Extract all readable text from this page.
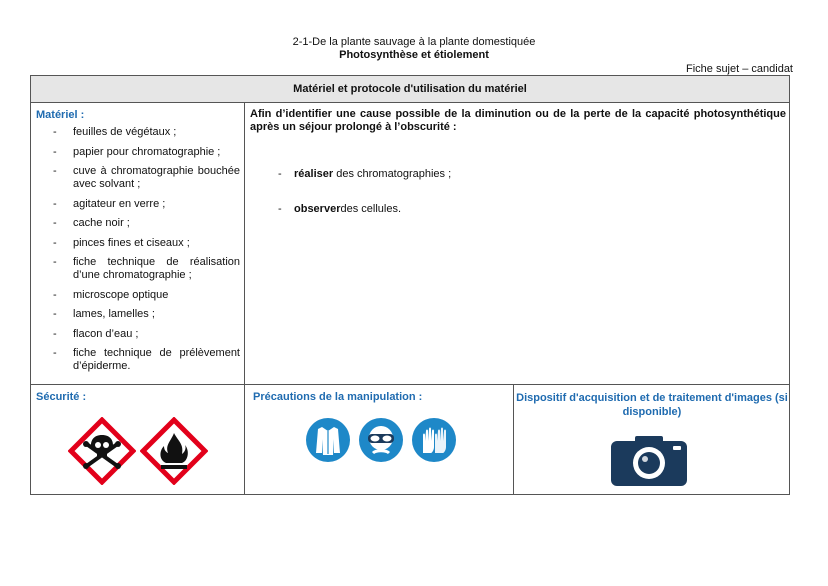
2-1-De la plante sauvage à la plante domestiquée
Photosynthèse et étiolement
Fiche sujet – candidat
Matériel et protocole d'utilisation du matériel
Matériel :
- feuilles de végétaux ;
- papier pour chromatographie ;
- cuve à chromatographie bouchée avec solvant ;
- agitateur en verre ;
- cache noir ;
- pinces fines et ciseaux ;
- fiche technique de réalisation d’une chromatographie ;
- microscope optique
- lames, lamelles ;
- flacon d’eau ;
- fiche technique de prélèvement d’épiderme.
Afin d’identifier une cause possible de la diminution ou de la perte de la capacité photosynthétique après un séjour prolongé à l’obscurité :
- réaliser des chromatographies ;
- observerdes cellules.
Sécurité :	Précautions de la manipulation :	Dispositif d'acquisition et de traitement d'images (si disponible)
